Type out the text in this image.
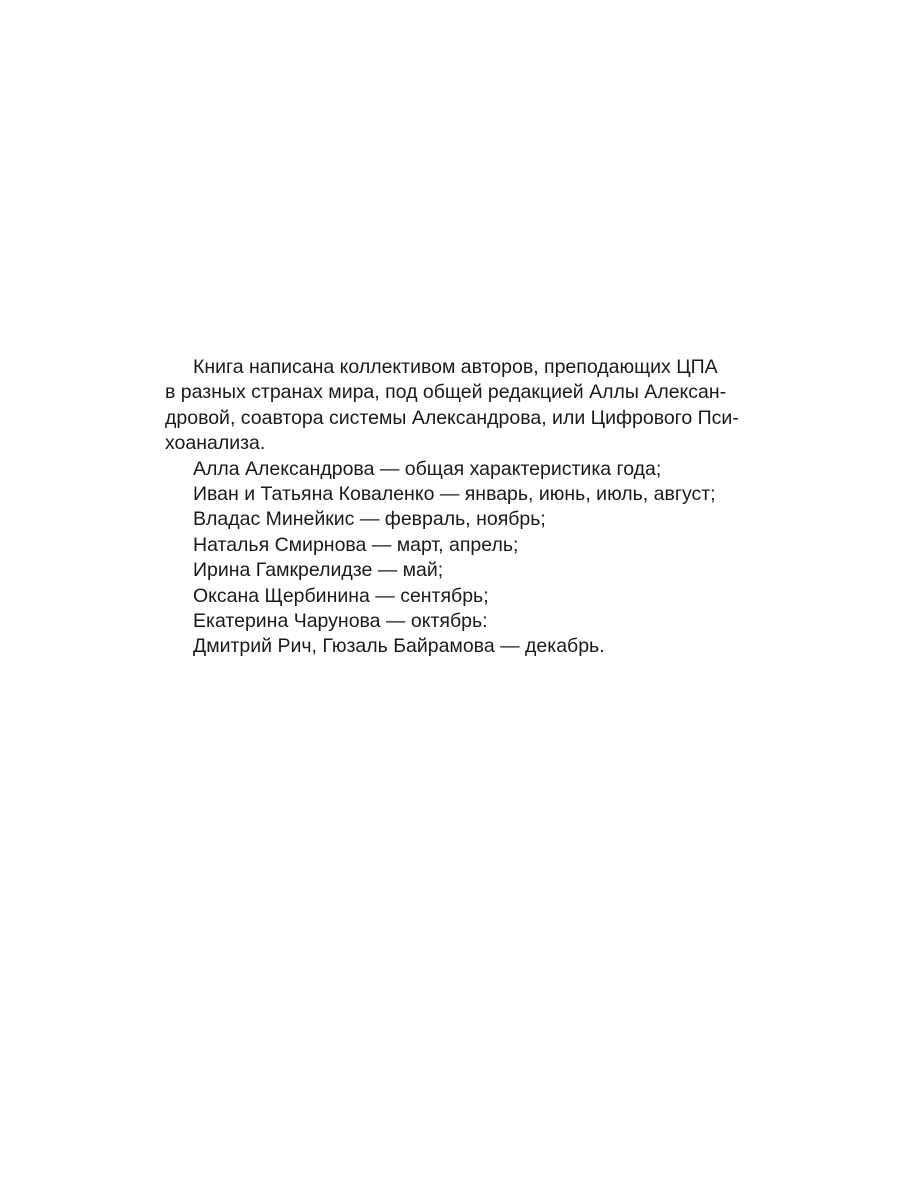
Книга написана коллективом авторов, преподающих ЦПА
в разных странах мира, под общей редакцией Аллы Алексан-
дровой, соавтора системы Александрова, или Цифрового Пси-
хоанализа.

Алла Александрова — общая характеристика года;
Иван и Татьяна Коваленко — январь, июнь, июль, август;
Владас Минейкис — февраль, ноябрь;
Наталья Смирнова — март, апрель;
Ирина Гамкрелидзе — май;
Оксана Щербинина — сентябрь;
Екатерина Чарунова — октябрь:
Дмитрий Рич, Гюзаль Байрамова — декабрь.
